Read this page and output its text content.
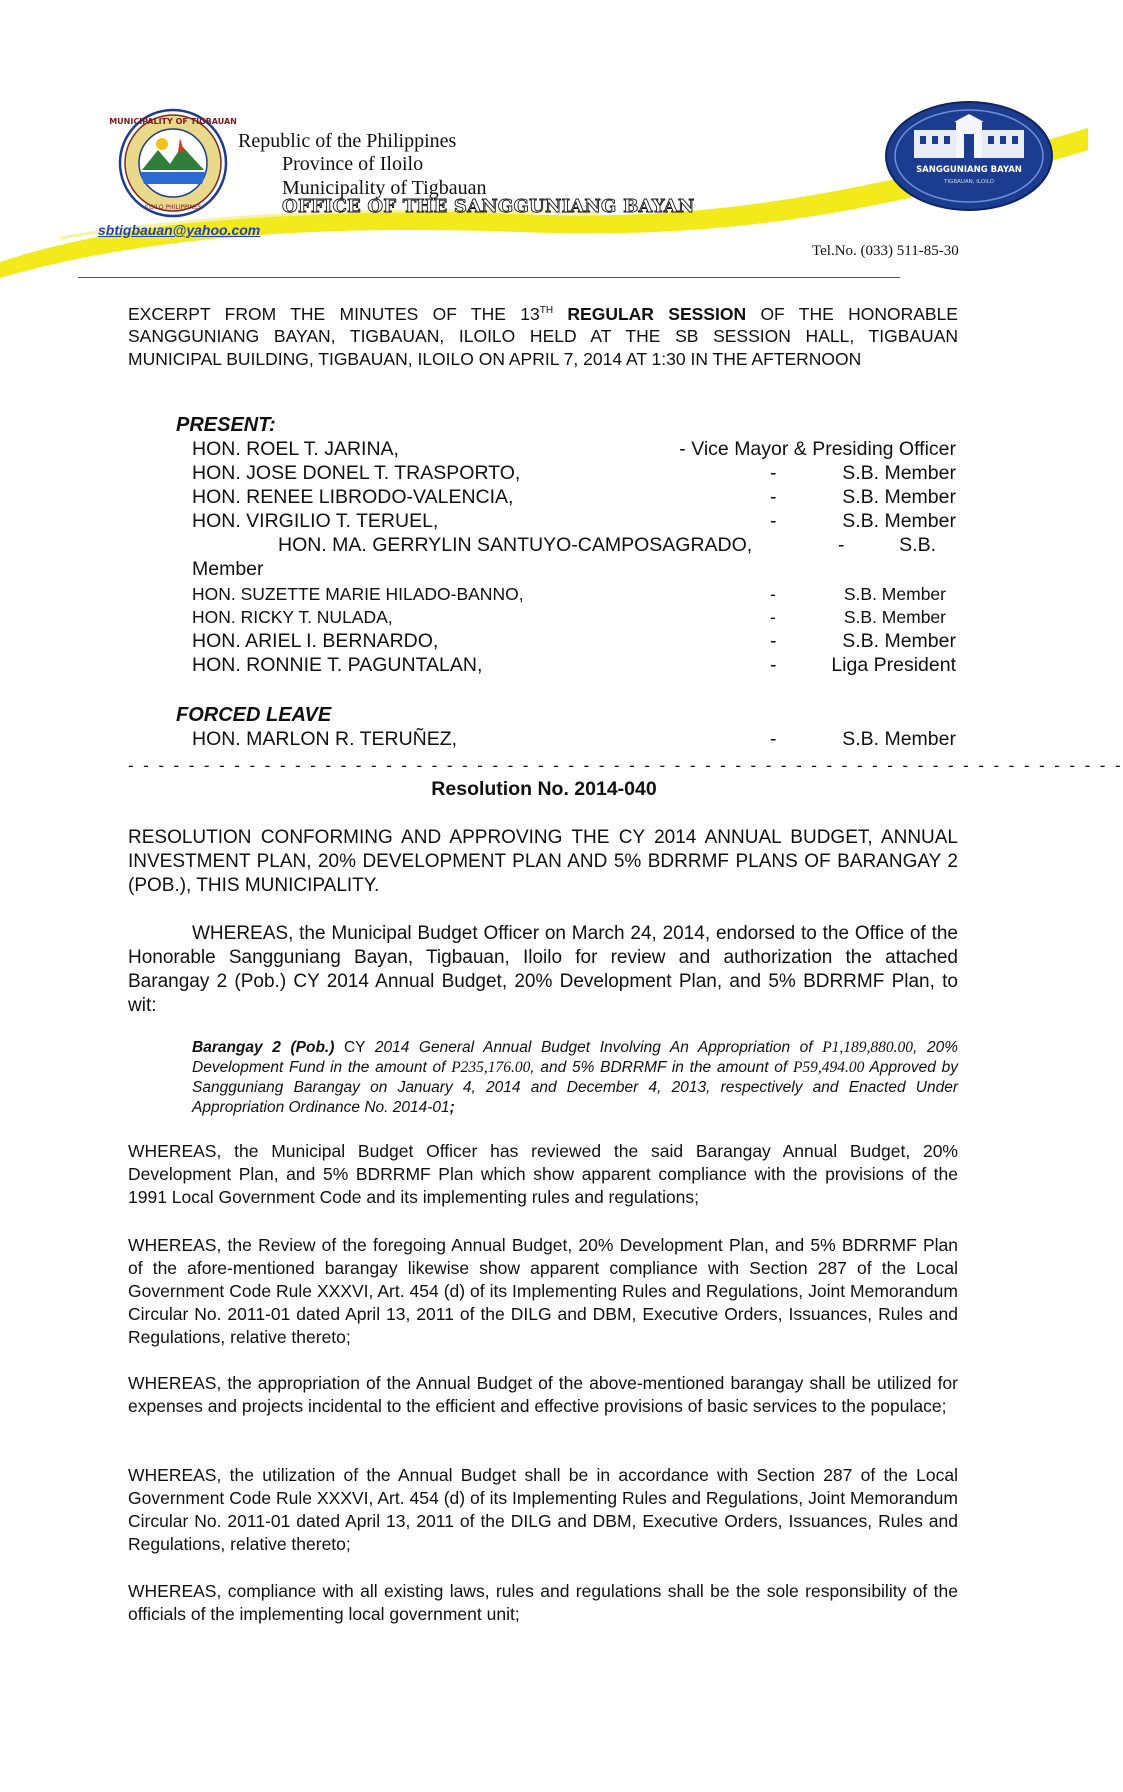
MUNICIPALITY OF TIGBAUAN
ILOILO PHILIPPINES
Republic of the Philippines
Province of Iloilo
Municipality of Tigbauan
OFFICE OF THE SANGGUNIANG BAYAN
sbtigbauan@yahoo.com
SANGGUNIANG BAYAN
TIGBAUAN, ILOILO
Tel.No. (033) 511-85-30
EXCERPT FROM THE MINUTES OF THE 13TH REGULAR SESSION OF THE HONORABLE SANGGUNIANG BAYAN, TIGBAUAN, ILOILO HELD AT THE SB SESSION HALL, TIGBAUAN MUNICIPAL BUILDING, TIGBAUAN, ILOILO ON APRIL 7, 2014 AT 1:30 IN THE AFTERNOON
PRESENT:
HON. ROEL T. JARINA,	- Vice Mayor & Presiding Officer
HON. JOSE DONEL T. TRASPORTO,	-	S.B. Member
HON. RENEE LIBRODO-VALENCIA,	-	S.B. Member
HON. VIRGILIO T. TERUEL,	-	S.B. Member
HON. MA. GERRYLIN SANTUYO-CAMPOSAGRADO,	-	S.B.
Member
HON. SUZETTE MARIE HILADO-BANNO,	-	S.B. Member
HON. RICKY T. NULADA,	-	S.B. Member
HON. ARIEL I. BERNARDO,	-	S.B. Member
HON. RONNIE T. PAGUNTALAN,	-	Liga President
FORCED LEAVE
HON. MARLON R. TERUÑEZ,	-	S.B. Member
- - - - - - - - - - - - - - - - - - - - - - - - - - - - - - - - - - - - - - - - - - - - - - - - - - - - - - - - - - - - - - - - - -
Resolution No. 2014-040
RESOLUTION CONFORMING AND APPROVING THE CY 2014 ANNUAL BUDGET, ANNUAL INVESTMENT PLAN, 20% DEVELOPMENT PLAN AND 5% BDRRMF PLANS OF BARANGAY 2 (POB.), THIS MUNICIPALITY.
WHEREAS, the Municipal Budget Officer on March 24, 2014, endorsed to the Office of the Honorable Sangguniang Bayan, Tigbauan, Iloilo for review and authorization the attached Barangay 2 (Pob.) CY 2014 Annual Budget, 20% Development Plan, and 5% BDRRMF Plan, to wit:
Barangay 2 (Pob.) CY 2014 General Annual Budget Involving An Appropriation of P1,189,880.00, 20% Development Fund in the amount of P235,176.00, and 5% BDRRMF in the amount of P59,494.00 Approved by Sangguniang Barangay on January 4, 2014 and December 4, 2013, respectively and Enacted Under Appropriation Ordinance No. 2014-01;
WHEREAS, the Municipal Budget Officer has reviewed the said Barangay Annual Budget, 20% Development Plan, and 5% BDRRMF Plan which show apparent compliance with the provisions of the 1991 Local Government Code and its implementing rules and regulations;
WHEREAS, the Review of the foregoing Annual Budget, 20% Development Plan, and 5% BDRRMF Plan of the afore-mentioned barangay likewise show apparent compliance with Section 287 of the Local Government Code Rule XXXVI, Art. 454 (d) of its Implementing Rules and Regulations, Joint Memorandum Circular No. 2011-01 dated April 13, 2011 of the DILG and DBM, Executive Orders, Issuances, Rules and Regulations, relative thereto;
WHEREAS, the appropriation of the Annual Budget of the above-mentioned barangay shall be utilized for expenses and projects incidental to the efficient and effective provisions of basic services to the populace;
WHEREAS, the utilization of the Annual Budget shall be in accordance with Section 287 of the Local Government Code Rule XXXVI, Art. 454 (d) of its Implementing Rules and Regulations, Joint Memorandum Circular No. 2011-01 dated April 13, 2011 of the DILG and DBM, Executive Orders, Issuances, Rules and Regulations, relative thereto;
WHEREAS, compliance with all existing laws, rules and regulations shall be the sole responsibility of the officials of the implementing local government unit;
